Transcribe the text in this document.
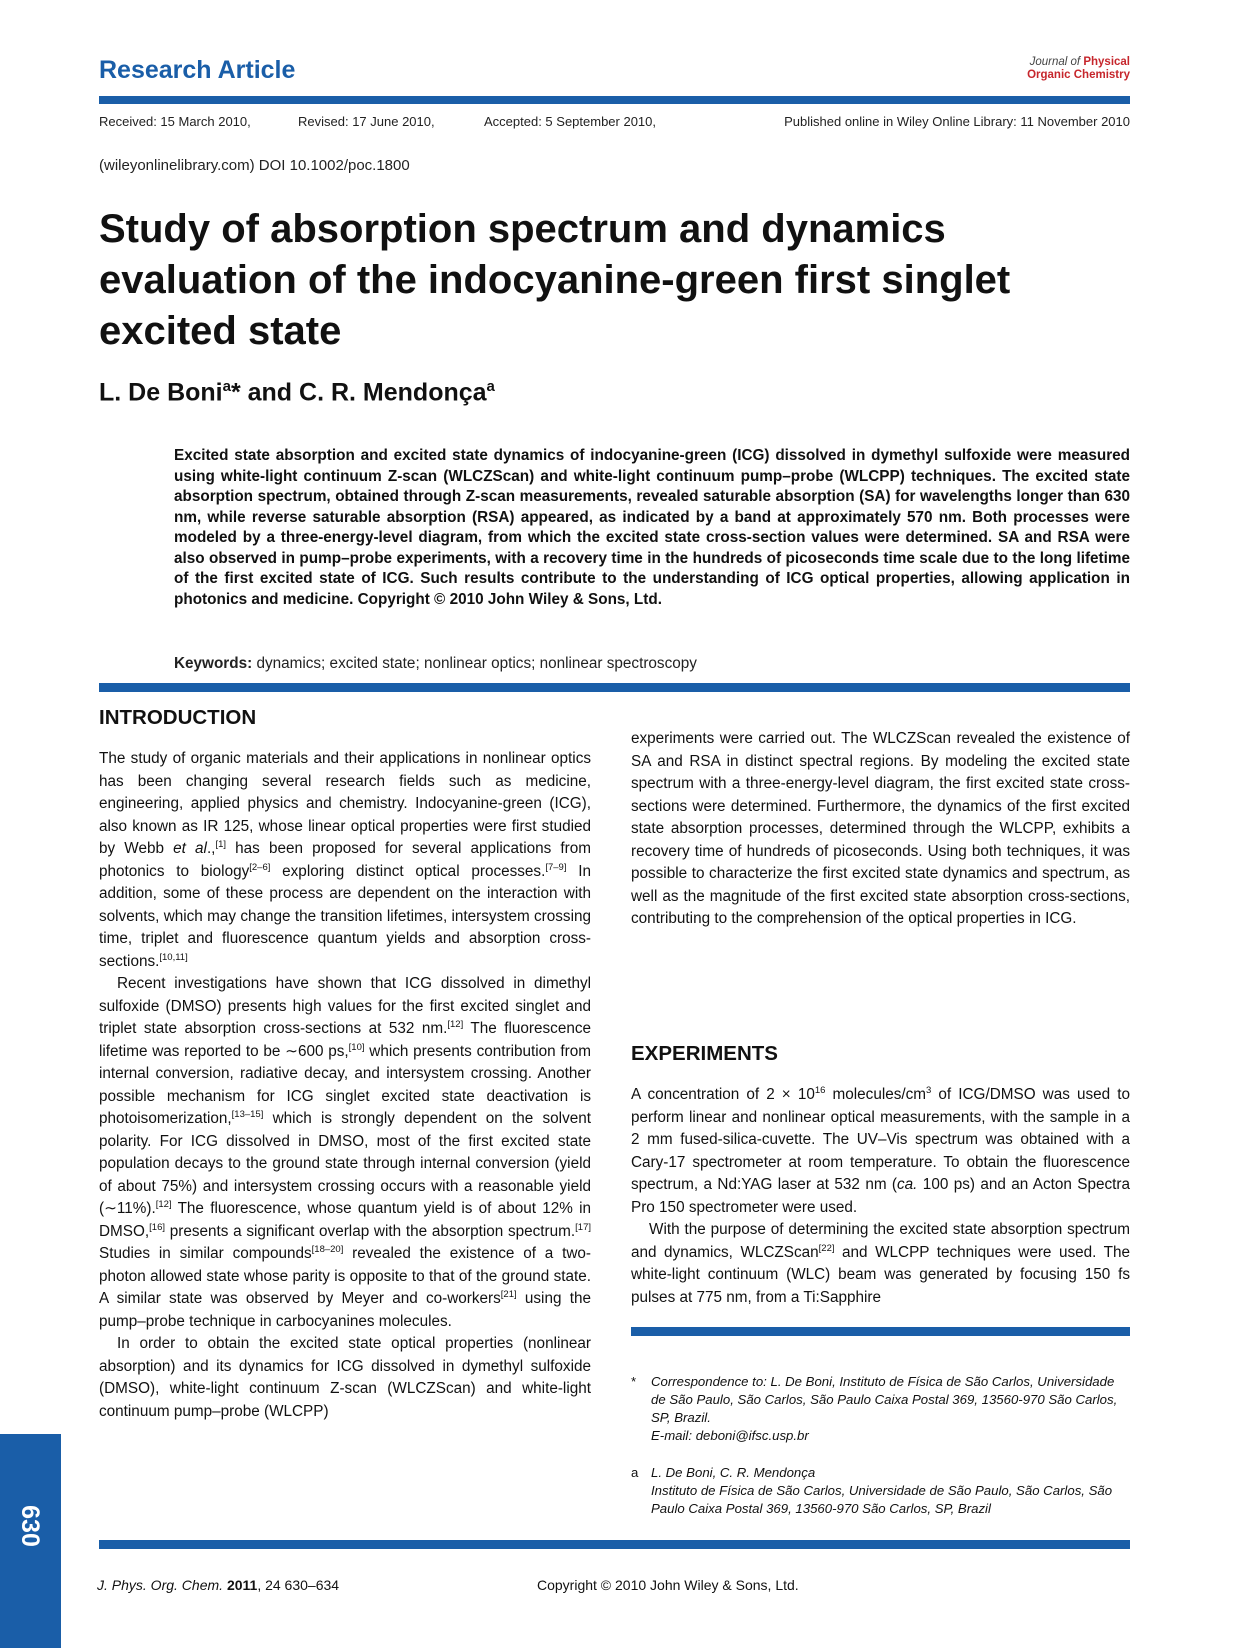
Research Article	Journal of Physical
Organic Chemistry
Received: 15 March 2010,	Revised: 17 June 2010,	Accepted: 5 September 2010,	Published online in Wiley Online Library: 11 November 2010
(wileyonlinelibrary.com) DOI 10.1002/poc.1800
Study of absorption spectrum and dynamics evaluation of the indocyanine-green first singlet excited state
L. De Boni$^a$* and C. R. Mendonça$^a$
Excited state absorption and excited state dynamics of indocyanine-green (ICG) dissolved in dymethyl sulfoxide were measured using white-light continuum Z-scan (WLCZScan) and white-light continuum pump–probe (WLCPP) techniques. The excited state absorption spectrum, obtained through Z-scan measurements, revealed saturable absorption (SA) for wavelengths longer than 630 nm, while reverse saturable absorption (RSA) appeared, as indicated by a band at approximately 570 nm. Both processes were modeled by a three-energy-level diagram, from which the excited state cross-section values were determined. SA and RSA were also observed in pump–probe experiments, with a recovery time in the hundreds of picoseconds time scale due to the long lifetime of the first excited state of ICG. Such results contribute to the understanding of ICG optical properties, allowing application in photonics and medicine. Copyright © 2010 John Wiley & Sons, Ltd.
Keywords: dynamics; excited state; nonlinear optics; nonlinear spectroscopy
INTRODUCTION

The study of organic materials and their applications in nonlinear optics has been changing several research fields such as medicine, engineering, applied physics and chemistry. Indocyanine-green (ICG), also known as IR 125, whose linear optical properties were first studied by Webb et al.,[1] has been proposed for several applications from photonics to biology[2–6] exploring distinct optical processes.[7–9] In addition, some of these process are dependent on the interaction with solvents, which may change the transition lifetimes, intersystem crossing time, triplet and fluorescence quantum yields and absorption cross-sections.[10,11]

Recent investigations have shown that ICG dissolved in dimethyl sulfoxide (DMSO) presents high values for the first excited singlet and triplet state absorption cross-sections at 532 nm.[12] The fluorescence lifetime was reported to be ∼600 ps,[10] which presents contribution from internal conversion, radiative decay, and intersystem crossing. Another possible mechanism for ICG singlet excited state deactivation is photoisomerization,[13–15] which is strongly dependent on the solvent polarity. For ICG dissolved in DMSO, most of the first excited state population decays to the ground state through internal conversion (yield of about 75%) and intersystem crossing occurs with a reasonable yield (∼11%).[12] The fluorescence, whose quantum yield is of about 12% in DMSO,[16] presents a significant overlap with the absorption spectrum.[17] Studies in similar compounds[18–20] revealed the existence of a two-photon allowed state whose parity is opposite to that of the ground state. A similar state was observed by Meyer and co-workers[21] using the pump–probe technique in carbocyanines molecules.

In order to obtain the excited state optical properties (nonlinear absorption) and its dynamics for ICG dissolved in dymethyl sulfoxide (DMSO), white-light continuum Z-scan (WLCZScan) and white-light continuum pump–probe (WLCPP)

experiments were carried out. The WLCZScan revealed the existence of SA and RSA in distinct spectral regions. By modeling the excited state spectrum with a three-energy-level diagram, the first excited state cross-sections were determined. Furthermore, the dynamics of the first excited state absorption processes, determined through the WLCPP, exhibits a recovery time of hundreds of picoseconds. Using both techniques, it was possible to characterize the first excited state dynamics and spectrum, as well as the magnitude of the first excited state absorption cross-sections, contributing to the comprehension of the optical properties in ICG.

EXPERIMENTS

A concentration of $2 \times 10^{16}$ molecules/$cm^3$ of ICG/DMSO was used to perform linear and nonlinear optical measurements, with the sample in a 2 mm fused-silica-cuvette. The UV–Vis spectrum was obtained with a Cary-17 spectrometer at room temperature. To obtain the fluorescence spectrum, a Nd:YAG laser at 532 nm (ca. 100 ps) and an Acton Spectra Pro 150 spectrometer were used.

With the purpose of determining the excited state absorption spectrum and dynamics, WLCZScan[22] and WLCPP techniques were used. The white-light continuum (WLC) beam was generated by focusing 150 fs pulses at 775 nm, from a Ti:Sapphire

* Correspondence to: L. De Boni, Instituto de Física de São Carlos, Universidade de São Paulo, São Carlos, São Paulo Caixa Postal 369, 13560-970 São Carlos, SP, Brazil.
E-mail: deboni@ifsc.usp.br
a L. De Boni, C. R. Mendonça
Instituto de Física de São Carlos, Universidade de São Paulo, São Carlos, São Paulo Caixa Postal 369, 13560-970 São Carlos, SP, Brazil
J. Phys. Org. Chem. 2011, 24 630–634	Copyright © 2010 John Wiley & Sons, Ltd.
630
